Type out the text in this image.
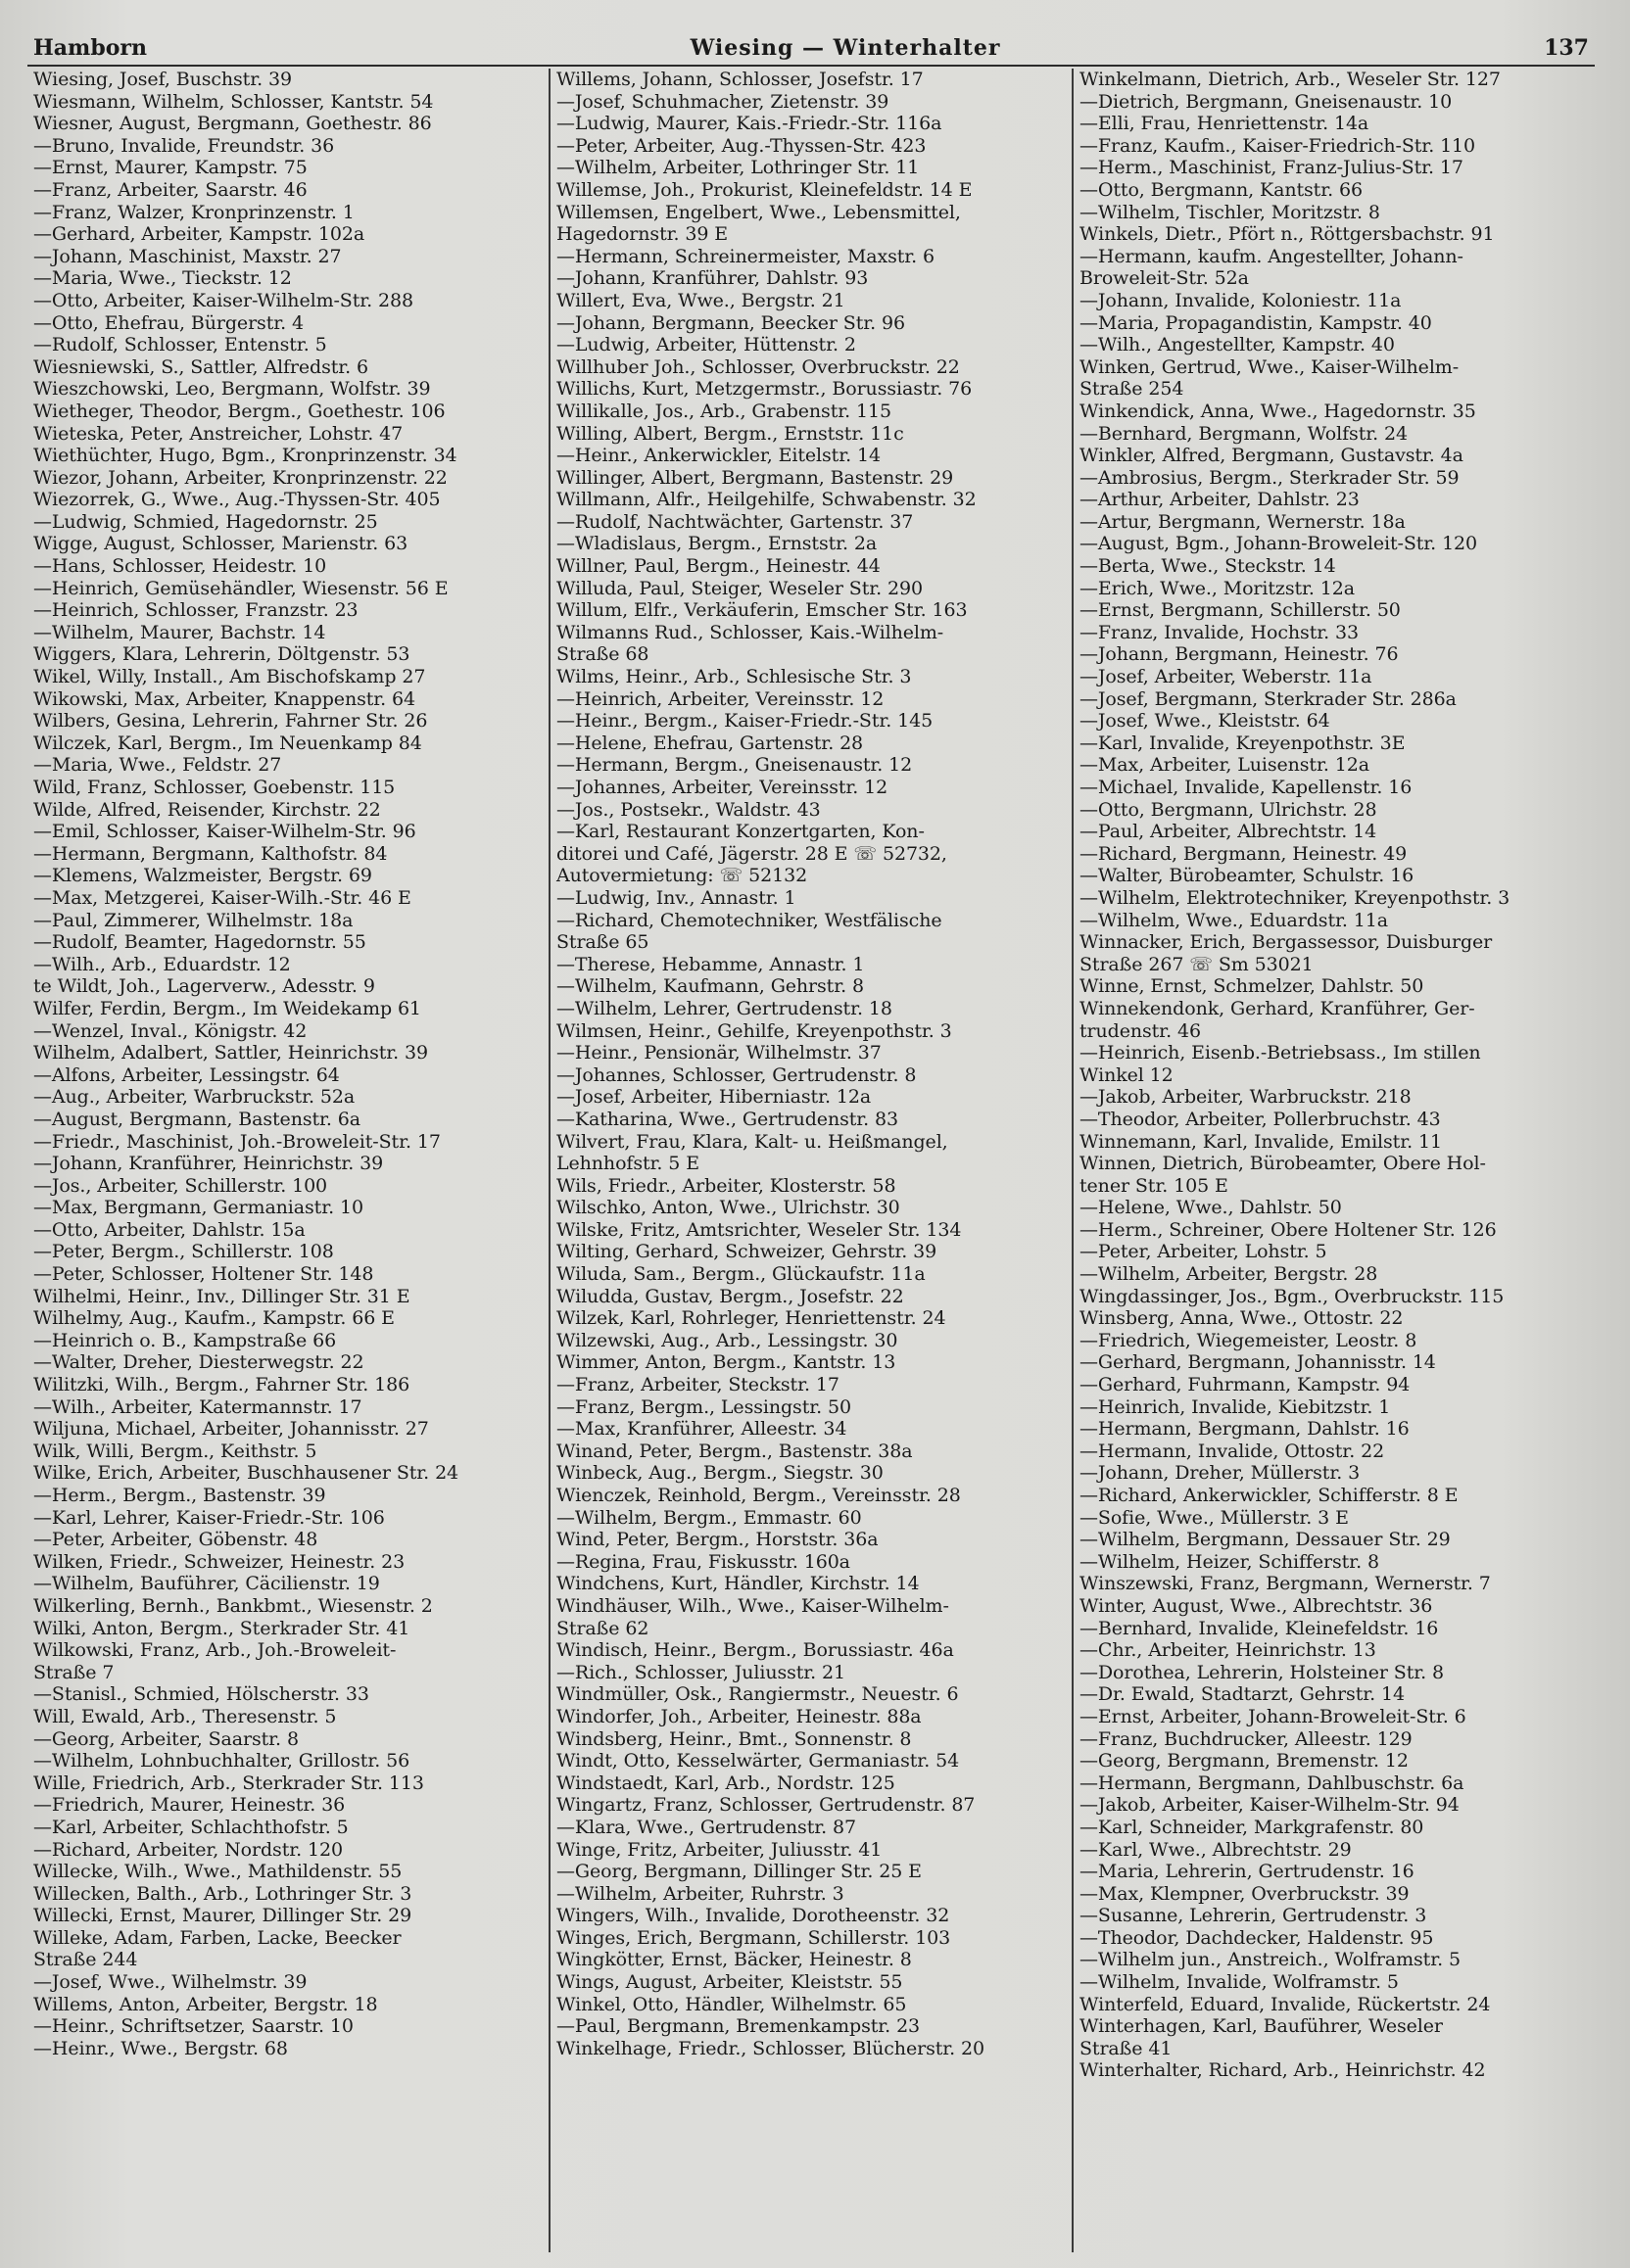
Hamborn	Wiesing — Winterhalter	137
Wiesing, Josef, Buschstr. 39
Wiesmann, Wilhelm, Schlosser, Kantstr. 54
Wiesner, August, Bergmann, Goethestr. 86
—Bruno, Invalide, Freundstr. 36
—Ernst, Maurer, Kampstr. 75
—Franz, Arbeiter, Saarstr. 46
—Franz, Walzer, Kronprinzenstr. 1
—Gerhard, Arbeiter, Kampstr. 102a
—Johann, Maschinist, Maxstr. 27
—Maria, Wwe., Tieckstr. 12
—Otto, Arbeiter, Kaiser-Wilhelm-Str. 288
—Otto, Ehefrau, Bürgerstr. 4
—Rudolf, Schlosser, Entenstr. 5
Wiesniewski, S., Sattler, Alfredstr. 6
Wieszchowski, Leo, Bergmann, Wolfstr. 39
Wietheger, Theodor, Bergm., Goethestr. 106
Wieteska, Peter, Anstreicher, Lohstr. 47
Wiethüchter, Hugo, Bgm., Kronprinzenstr. 34
Wiezor, Johann, Arbeiter, Kronprinzenstr. 22
Wiezorrek, G., Wwe., Aug.-Thyssen-Str. 405
—Ludwig, Schmied, Hagedornstr. 25
Wigge, August, Schlosser, Marienstr. 63
—Hans, Schlosser, Heidestr. 10
—Heinrich, Gemüsehändler, Wiesenstr. 56 E
—Heinrich, Schlosser, Franzstr. 23
—Wilhelm, Maurer, Bachstr. 14
Wiggers, Klara, Lehrerin, Döltgenstr. 53
Wikel, Willy, Install., Am Bischofskamp 27
Wikowski, Max, Arbeiter, Knappenstr. 64
Wilbers, Gesina, Lehrerin, Fahrner Str. 26
Wilczek, Karl, Bergm., Im Neuenkamp 84
—Maria, Wwe., Feldstr. 27
Wild, Franz, Schlosser, Goebenstr. 115
Wilde, Alfred, Reisender, Kirchstr. 22
—Emil, Schlosser, Kaiser-Wilhelm-Str. 96
—Hermann, Bergmann, Kalthofstr. 84
—Klemens, Walzmeister, Bergstr. 69
—Max, Metzgerei, Kaiser-Wilh.-Str. 46 E
—Paul, Zimmerer, Wilhelmstr. 18a
—Rudolf, Beamter, Hagedornstr. 55
—Wilh., Arb., Eduardstr. 12
te Wildt, Joh., Lagerverw., Adesstr. 9
Wilfer, Ferdin, Bergm., Im Weidekamp 61
—Wenzel, Inval., Königstr. 42
Wilhelm, Adalbert, Sattler, Heinrichstr. 39
—Alfons, Arbeiter, Lessingstr. 64
—Aug., Arbeiter, Warbruckstr. 52a
—August, Bergmann, Bastenstr. 6a
—Friedr., Maschinist, Joh.-Broweleit-Str. 17
—Johann, Kranführer, Heinrichstr. 39
—Jos., Arbeiter, Schillerstr. 100
—Max, Bergmann, Germaniastr. 10
—Otto, Arbeiter, Dahlstr. 15a
—Peter, Bergm., Schillerstr. 108
—Peter, Schlosser, Holtener Str. 148
Wilhelmi, Heinr., Inv., Dillinger Str. 31 E
Wilhelmy, Aug., Kaufm., Kampstr. 66 E
—Heinrich o. B., Kampstraße 66
—Walter, Dreher, Diesterwegstr. 22
Wilitzki, Wilh., Bergm., Fahrner Str. 186
—Wilh., Arbeiter, Katermannstr. 17
Wiljuna, Michael, Arbeiter, Johannisstr. 27
Wilk, Willi, Bergm., Keithstr. 5
Wilke, Erich, Arbeiter, Buschhausener Str. 24
—Herm., Bergm., Bastenstr. 39
—Karl, Lehrer, Kaiser-Friedr.-Str. 106
—Peter, Arbeiter, Göbenstr. 48
Wilken, Friedr., Schweizer, Heinestr. 23
—Wilhelm, Bauführer, Cäcilienstr. 19
Wilkerling, Bernh., Bankbmt., Wiesenstr. 2
Wilki, Anton, Bergm., Sterkrader Str. 41
Wilkowski, Franz, Arb., Joh.-Broweleit-
Straße 7
—Stanisl., Schmied, Hölscherstr. 33
Will, Ewald, Arb., Theresenstr. 5
—Georg, Arbeiter, Saarstr. 8
—Wilhelm, Lohnbuchhalter, Grillostr. 56
Wille, Friedrich, Arb., Sterkrader Str. 113
—Friedrich, Maurer, Heinestr. 36
—Karl, Arbeiter, Schlachthofstr. 5
—Richard, Arbeiter, Nordstr. 120
Willecke, Wilh., Wwe., Mathildenstr. 55
Willecken, Balth., Arb., Lothringer Str. 3
Willecki, Ernst, Maurer, Dillinger Str. 29
Willeke, Adam, Farben, Lacke, Beecker
Straße 244
—Josef, Wwe., Wilhelmstr. 39
Willems, Anton, Arbeiter, Bergstr. 18
—Heinr., Schriftsetzer, Saarstr. 10
—Heinr., Wwe., Bergstr. 68
Willems, Johann, Schlosser, Josefstr. 17
—Josef, Schuhmacher, Zietenstr. 39
—Ludwig, Maurer, Kais.-Friedr.-Str. 116a
—Peter, Arbeiter, Aug.-Thyssen-Str. 423
—Wilhelm, Arbeiter, Lothringer Str. 11
Willemse, Joh., Prokurist, Kleinefeldstr. 14 E
Willemsen, Engelbert, Wwe., Lebensmittel,
Hagedornstr. 39 E
—Hermann, Schreinermeister, Maxstr. 6
—Johann, Kranführer, Dahlstr. 93
Willert, Eva, Wwe., Bergstr. 21
—Johann, Bergmann, Beecker Str. 96
—Ludwig, Arbeiter, Hüttenstr. 2
Willhuber Joh., Schlosser, Overbruckstr. 22
Willichs, Kurt, Metzgermstr., Borussiastr. 76
Willikalle, Jos., Arb., Grabenstr. 115
Willing, Albert, Bergm., Ernststr. 11c
—Heinr., Ankerwickler, Eitelstr. 14
Willinger, Albert, Bergmann, Bastenstr. 29
Willmann, Alfr., Heilgehilfe, Schwabenstr. 32
—Rudolf, Nachtwächter, Gartenstr. 37
—Wladislaus, Bergm., Ernststr. 2a
Willner, Paul, Bergm., Heinestr. 44
Willuda, Paul, Steiger, Weseler Str. 290
Willum, Elfr., Verkäuferin, Emscher Str. 163
Wilmanns Rud., Schlosser, Kais.-Wilhelm-
Straße 68
Wilms, Heinr., Arb., Schlesische Str. 3
—Heinrich, Arbeiter, Vereinsstr. 12
—Heinr., Bergm., Kaiser-Friedr.-Str. 145
—Helene, Ehefrau, Gartenstr. 28
—Hermann, Bergm., Gneisenaustr. 12
—Johannes, Arbeiter, Vereinsstr. 12
—Jos., Postsekr., Waldstr. 43
—Karl, Restaurant Konzertgarten, Kon-
ditorei und Café, Jägerstr. 28 E ☏ 52732,
Autovermietung: ☏ 52132
—Ludwig, Inv., Annastr. 1
—Richard, Chemotechniker, Westfälische
Straße 65
—Therese, Hebamme, Annastr. 1
—Wilhelm, Kaufmann, Gehrstr. 8
—Wilhelm, Lehrer, Gertrudenstr. 18
Wilmsen, Heinr., Gehilfe, Kreyenpothstr. 3
—Heinr., Pensionär, Wilhelmstr. 37
—Johannes, Schlosser, Gertrudenstr. 8
—Josef, Arbeiter, Hiberniastr. 12a
—Katharina, Wwe., Gertrudenstr. 83
Wilvert, Frau, Klara, Kalt- u. Heißmangel,
Lehnhofstr. 5 E
Wils, Friedr., Arbeiter, Klosterstr. 58
Wilschko, Anton, Wwe., Ulrichstr. 30
Wilske, Fritz, Amtsrichter, Weseler Str. 134
Wilting, Gerhard, Schweizer, Gehrstr. 39
Wiluda, Sam., Bergm., Glückaufstr. 11a
Wiludda, Gustav, Bergm., Josefstr. 22
Wilzek, Karl, Rohrleger, Henriettenstr. 24
Wilzewski, Aug., Arb., Lessingstr. 30
Wimmer, Anton, Bergm., Kantstr. 13
—Franz, Arbeiter, Steckstr. 17
—Franz, Bergm., Lessingstr. 50
—Max, Kranführer, Alleestr. 34
Winand, Peter, Bergm., Bastenstr. 38a
Winbeck, Aug., Bergm., Siegstr. 30
Wienczek, Reinhold, Bergm., Vereinsstr. 28
—Wilhelm, Bergm., Emmastr. 60
Wind, Peter, Bergm., Horststr. 36a
—Regina, Frau, Fiskusstr. 160a
Windchens, Kurt, Händler, Kirchstr. 14
Windhäuser, Wilh., Wwe., Kaiser-Wilhelm-
Straße 62
Windisch, Heinr., Bergm., Borussiastr. 46a
—Rich., Schlosser, Juliusstr. 21
Windmüller, Osk., Rangiermstr., Neuestr. 6
Windorfer, Joh., Arbeiter, Heinestr. 88a
Windsberg, Heinr., Bmt., Sonnenstr. 8
Windt, Otto, Kesselwärter, Germaniastr. 54
Windstaedt, Karl, Arb., Nordstr. 125
Wingartz, Franz, Schlosser, Gertrudenstr. 87
—Klara, Wwe., Gertrudenstr. 87
Winge, Fritz, Arbeiter, Juliusstr. 41
—Georg, Bergmann, Dillinger Str. 25 E
—Wilhelm, Arbeiter, Ruhrstr. 3
Wingers, Wilh., Invalide, Dorotheenstr. 32
Winges, Erich, Bergmann, Schillerstr. 103
Wingkötter, Ernst, Bäcker, Heinestr. 8
Wings, August, Arbeiter, Kleiststr. 55
Winkel, Otto, Händler, Wilhelmstr. 65
—Paul, Bergmann, Bremenkampstr. 23
Winkelhage, Friedr., Schlosser, Blücherstr. 20
Winkelmann, Dietrich, Arb., Weseler Str. 127
—Dietrich, Bergmann, Gneisenaustr. 10
—Elli, Frau, Henriettenstr. 14a
—Franz, Kaufm., Kaiser-Friedrich-Str. 110
—Herm., Maschinist, Franz-Julius-Str. 17
—Otto, Bergmann, Kantstr. 66
—Wilhelm, Tischler, Moritzstr. 8
Winkels, Dietr., Pfört n., Röttgersbachstr. 91
—Hermann, kaufm. Angestellter, Johann-
Broweleit-Str. 52a
—Johann, Invalide, Koloniestr. 11a
—Maria, Propagandistin, Kampstr. 40
—Wilh., Angestellter, Kampstr. 40
Winken, Gertrud, Wwe., Kaiser-Wilhelm-
Straße 254
Winkendick, Anna, Wwe., Hagedornstr. 35
—Bernhard, Bergmann, Wolfstr. 24
Winkler, Alfred, Bergmann, Gustavstr. 4a
—Ambrosius, Bergm., Sterkrader Str. 59
—Arthur, Arbeiter, Dahlstr. 23
—Artur, Bergmann, Wernerstr. 18a
—August, Bgm., Johann-Broweleit-Str. 120
—Berta, Wwe., Steckstr. 14
—Erich, Wwe., Moritzstr. 12a
—Ernst, Bergmann, Schillerstr. 50
—Franz, Invalide, Hochstr. 33
—Johann, Bergmann, Heinestr. 76
—Josef, Arbeiter, Weberstr. 11a
—Josef, Bergmann, Sterkrader Str. 286a
—Josef, Wwe., Kleiststr. 64
—Karl, Invalide, Kreyenpothstr. 3E
—Max, Arbeiter, Luisenstr. 12a
—Michael, Invalide, Kapellenstr. 16
—Otto, Bergmann, Ulrichstr. 28
—Paul, Arbeiter, Albrechtstr. 14
—Richard, Bergmann, Heinestr. 49
—Walter, Bürobeamter, Schulstr. 16
—Wilhelm, Elektrotechniker, Kreyenpothstr. 3
—Wilhelm, Wwe., Eduardstr. 11a
Winnacker, Erich, Bergassessor, Duisburger
Straße 267 ☏ Sm 53021
Winne, Ernst, Schmelzer, Dahlstr. 50
Winnekendonk, Gerhard, Kranführer, Ger-
trudenstr. 46
—Heinrich, Eisenb.-Betriebsass., Im stillen
Winkel 12
—Jakob, Arbeiter, Warbruckstr. 218
—Theodor, Arbeiter, Pollerbruchstr. 43
Winnemann, Karl, Invalide, Emilstr. 11
Winnen, Dietrich, Bürobeamter, Obere Hol-
tener Str. 105 E
—Helene, Wwe., Dahlstr. 50
—Herm., Schreiner, Obere Holtener Str. 126
—Peter, Arbeiter, Lohstr. 5
—Wilhelm, Arbeiter, Bergstr. 28
Wingdassinger, Jos., Bgm., Overbruckstr. 115
Winsberg, Anna, Wwe., Ottostr. 22
—Friedrich, Wiegemeister, Leostr. 8
—Gerhard, Bergmann, Johannisstr. 14
—Gerhard, Fuhrmann, Kampstr. 94
—Heinrich, Invalide, Kiebitzstr. 1
—Hermann, Bergmann, Dahlstr. 16
—Hermann, Invalide, Ottostr. 22
—Johann, Dreher, Müllerstr. 3
—Richard, Ankerwickler, Schifferstr. 8 E
—Sofie, Wwe., Müllerstr. 3 E
—Wilhelm, Bergmann, Dessauer Str. 29
—Wilhelm, Heizer, Schifferstr. 8
Winszewski, Franz, Bergmann, Wernerstr. 7
Winter, August, Wwe., Albrechtstr. 36
—Bernhard, Invalide, Kleinefeldstr. 16
—Chr., Arbeiter, Heinrichstr. 13
—Dorothea, Lehrerin, Holsteiner Str. 8
—Dr. Ewald, Stadtarzt, Gehrstr. 14
—Ernst, Arbeiter, Johann-Broweleit-Str. 6
—Franz, Buchdrucker, Alleestr. 129
—Georg, Bergmann, Bremenstr. 12
—Hermann, Bergmann, Dahlbuschstr. 6a
—Jakob, Arbeiter, Kaiser-Wilhelm-Str. 94
—Karl, Schneider, Markgrafenstr. 80
—Karl, Wwe., Albrechtstr. 29
—Maria, Lehrerin, Gertrudenstr. 16
—Max, Klempner, Overbruckstr. 39
—Susanne, Lehrerin, Gertrudenstr. 3
—Theodor, Dachdecker, Haldenstr. 95
—Wilhelm jun., Anstreich., Wolframstr. 5
—Wilhelm, Invalide, Wolframstr. 5
Winterfeld, Eduard, Invalide, Rückertstr. 24
Winterhagen, Karl, Bauführer, Weseler
Straße 41
Winterhalter, Richard, Arb., Heinrichstr. 42
